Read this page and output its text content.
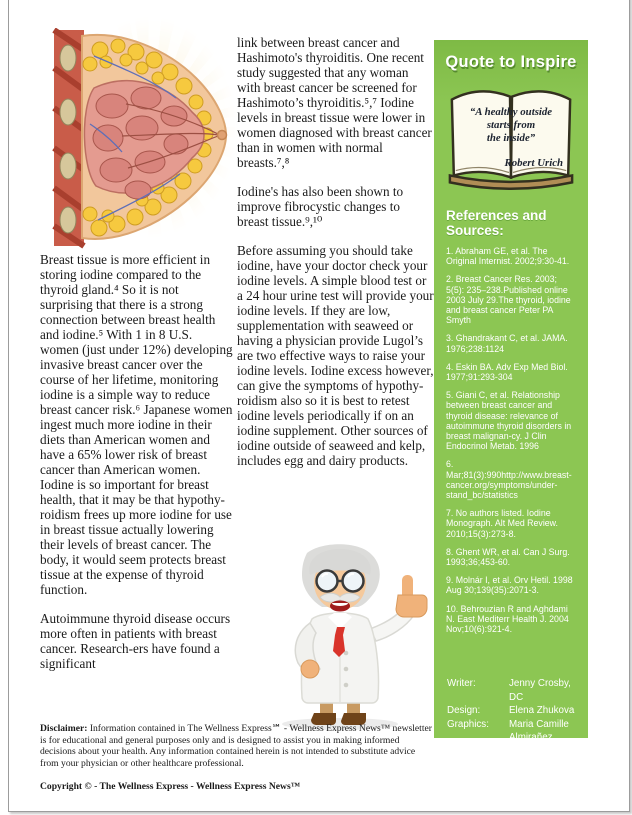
Breast tissue is more efficient in storing iodine compared to the thyroid gland.⁴ So it is not surprising that there is a strong connection between breast health and iodine.⁵ With 1 in 8 U.S. women (just under 12%) developing invasive breast cancer over the course of her lifetime, monitoring iodine is a simple way to reduce breast cancer risk.⁶ Japanese women ingest much more iodine in their diets than American women and have a 65% lower risk of breast cancer than American women. Iodine is so important for breast health, that it may be that hypothy-roidism frees up more iodine for use in breast tissue actually lowering their levels of breast cancer. The body, it would seem protects breast tissue at the expense of thyroid function.

Autoimmune thyroid disease occurs more often in patients with breast cancer. Research-ers have found a significant

link between breast cancer and Hashimoto's thyroiditis. One recent study suggested that any woman with breast cancer be screened for Hashimoto’s thyroiditis.⁵,⁷ Iodine levels in breast tissue were lower in women diagnosed with breast cancer than in women with normal breasts.⁷,⁸

Iodine's has also been shown to improve fibrocystic changes to breast tissue.⁹,¹⁰

Before assuming you should take iodine, have your doctor check your iodine levels. A simple blood test or a 24 hour urine test will provide your iodine levels. If they are low, supplementation with seaweed or having a physician provide Lugol’s are two effective ways to raise your iodine levels. Iodine excess however, can give the symptoms of hypothy-roidism also so it is best to retest iodine levels periodically if on an iodine supplement. Other sources of iodine outside of seaweed and kelp, includes egg and dairy products.

Quote to Inspire
“A healthy outside
starts from
the inside”
Robert Urich
References and Sources:
1. Abraham GE, et al. The Original Internist. 2002;9:30-41.
2. Breast Cancer Res. 2003; 5(5): 235–238.Published online 2003 July 29.The thyroid, iodine and breast cancer Peter PA Smyth
3. Ghandrakant C, et al. JAMA. 1976;238:1124
4. Eskin BA. Adv Exp Med Biol. 1977;91:293-304
5. Giani C, et al. Relationship between breast cancer and thyroid disease: relevance of autoimmune thyroid disorders in breast malignan-cy. J Clin Endocrinol Metab. 1996
6. Mar;81(3):990http://www.breast-cancer.org/symptoms/under-stand_bc/statistics
7. No authors listed. Iodine Monograph. Alt Med Review. 2010;15(3):273-8.
8. Ghent WR, et al. Can J Surg. 1993;36;453-60.
9. Molnár I, et al. Orv Hetil. 1998 Aug 30;139(35):2071-3.
10. Behrouzian R and Aghdami N. East Mediterr Health J. 2004 Nov;10(6):921-4.
Writer:	Jenny Crosby, DC
Design:	Elena Zhukova
Graphics:	Maria Camille Almirañez
Production:	Mike Talarico
Disclaimer: Information contained in The Wellness Express℠ - Wellness Express News™ newsletter is for educational and general purposes only and is designed to assist you in making informed decisions about your health. Any information contained herein is not intended to substitute advice from your physician or other healthcare professional.
Copyright © - The Wellness Express - Wellness Express News™
